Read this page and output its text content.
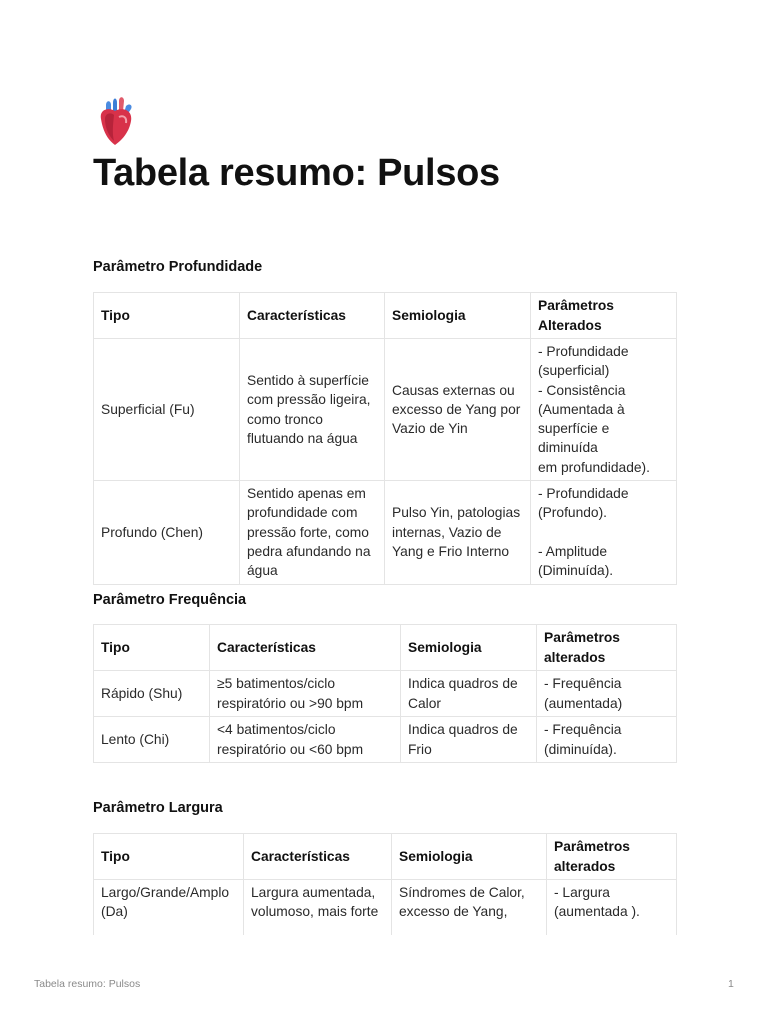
Tabela resumo: Pulsos
Parâmetro Profundidade
Tipo	Características	Semiologia	Parâmetros Alterados
Superficial (Fu)	Sentido à superfície com pressão ligeira, como tronco flutuando na água	Causas externas ou excesso de Yang por Vazio de Yin	- Profundidade (superficial)
- Consistência (Aumentada à superfície e diminuída
em profundidade).
Profundo (Chen)	Sentido apenas em profundidade com pressão forte, como pedra afundando na água	Pulso Yin, patologias internas, Vazio de Yang e Frio Interno	- Profundidade (Profundo).

- Amplitude (Diminuída).
Parâmetro Frequência
Tipo	Características	Semiologia	Parâmetros alterados
Rápido (Shu)	≥5 batimentos/ciclo respiratório ou >90 bpm	Indica quadros de Calor	- Frequência (aumentada)
Lento (Chi)	<4 batimentos/ciclo respiratório ou <60 bpm	Indica quadros de Frio	- Frequência (diminuída).
Parâmetro Largura
Tipo	Características	Semiologia	Parâmetros alterados
Largo/Grande/Amplo (Da)	Largura aumentada, volumoso, mais forte	Síndromes de Calor, excesso de Yang,	- Largura (aumentada ).
Tabela resumo: Pulsos	1
